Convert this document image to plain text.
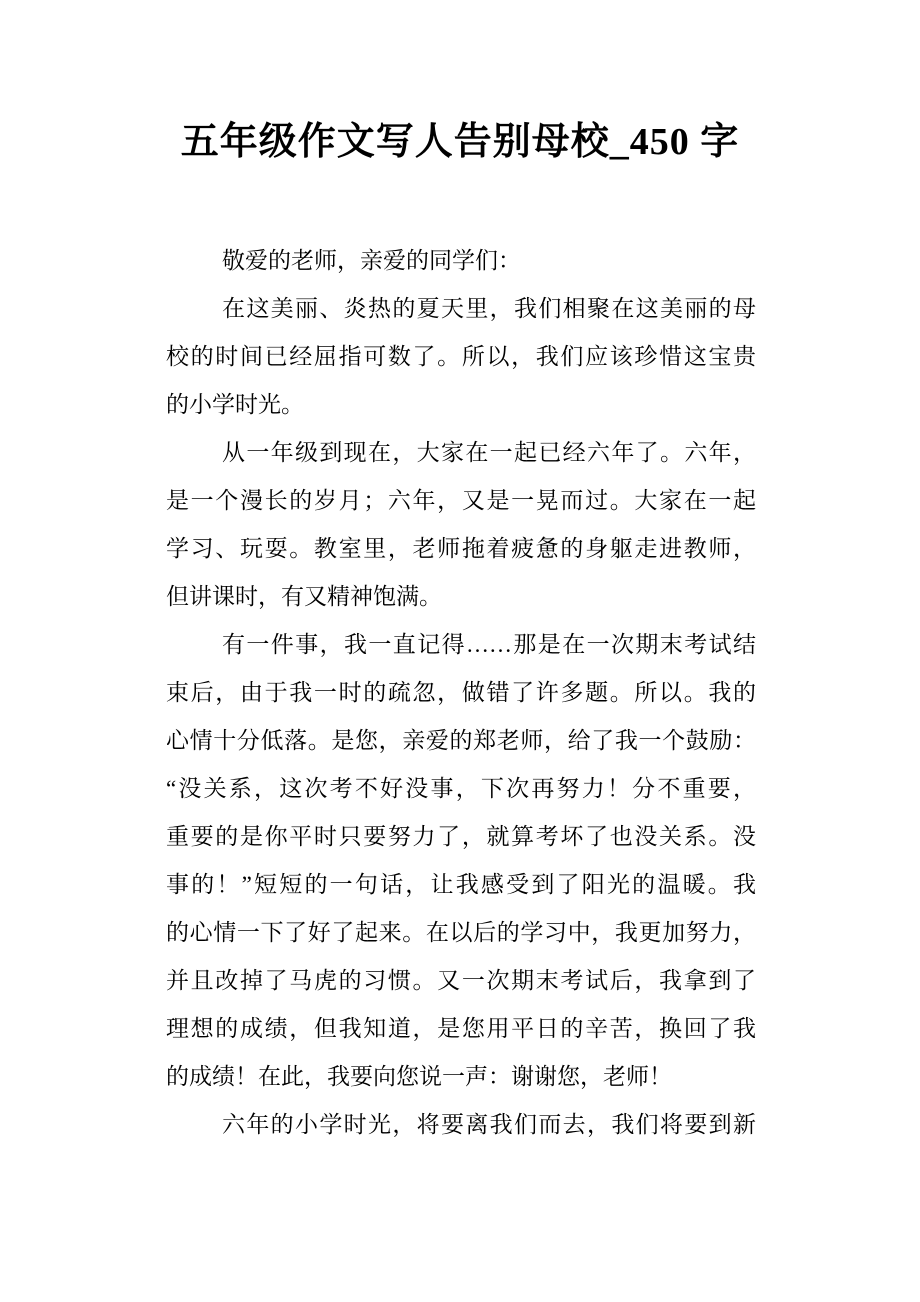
五年级作文写人告别母校_450 字
敬爱的老师，亲爱的同学们：
在这美丽、炎热的夏天里，我们相聚在这美丽的母
校的时间已经屈指可数了。所以，我们应该珍惜这宝贵
的小学时光。
从一年级到现在，大家在一起已经六年了。六年，
是一个漫长的岁月；六年，又是一晃而过。大家在一起
学习、玩耍。教室里，老师拖着疲惫的身躯走进教师，
但讲课时，有又精神饱满。
有一件事，我一直记得……那是在一次期末考试结
束后，由于我一时的疏忽，做错了许多题。所以。我的
心情十分低落。是您，亲爱的郑老师，给了我一个鼓励：
“没关系，这次考不好没事，下次再努力！分不重要，
重要的是你平时只要努力了，就算考坏了也没关系。没
事的！”短短的一句话，让我感受到了阳光的温暖。我
的心情一下了好了起来。在以后的学习中，我更加努力，
并且改掉了马虎的习惯。又一次期末考试后，我拿到了
理想的成绩，但我知道，是您用平日的辛苦，换回了我
的成绩！在此，我要向您说一声：谢谢您，老师！
六年的小学时光，将要离我们而去，我们将要到新
